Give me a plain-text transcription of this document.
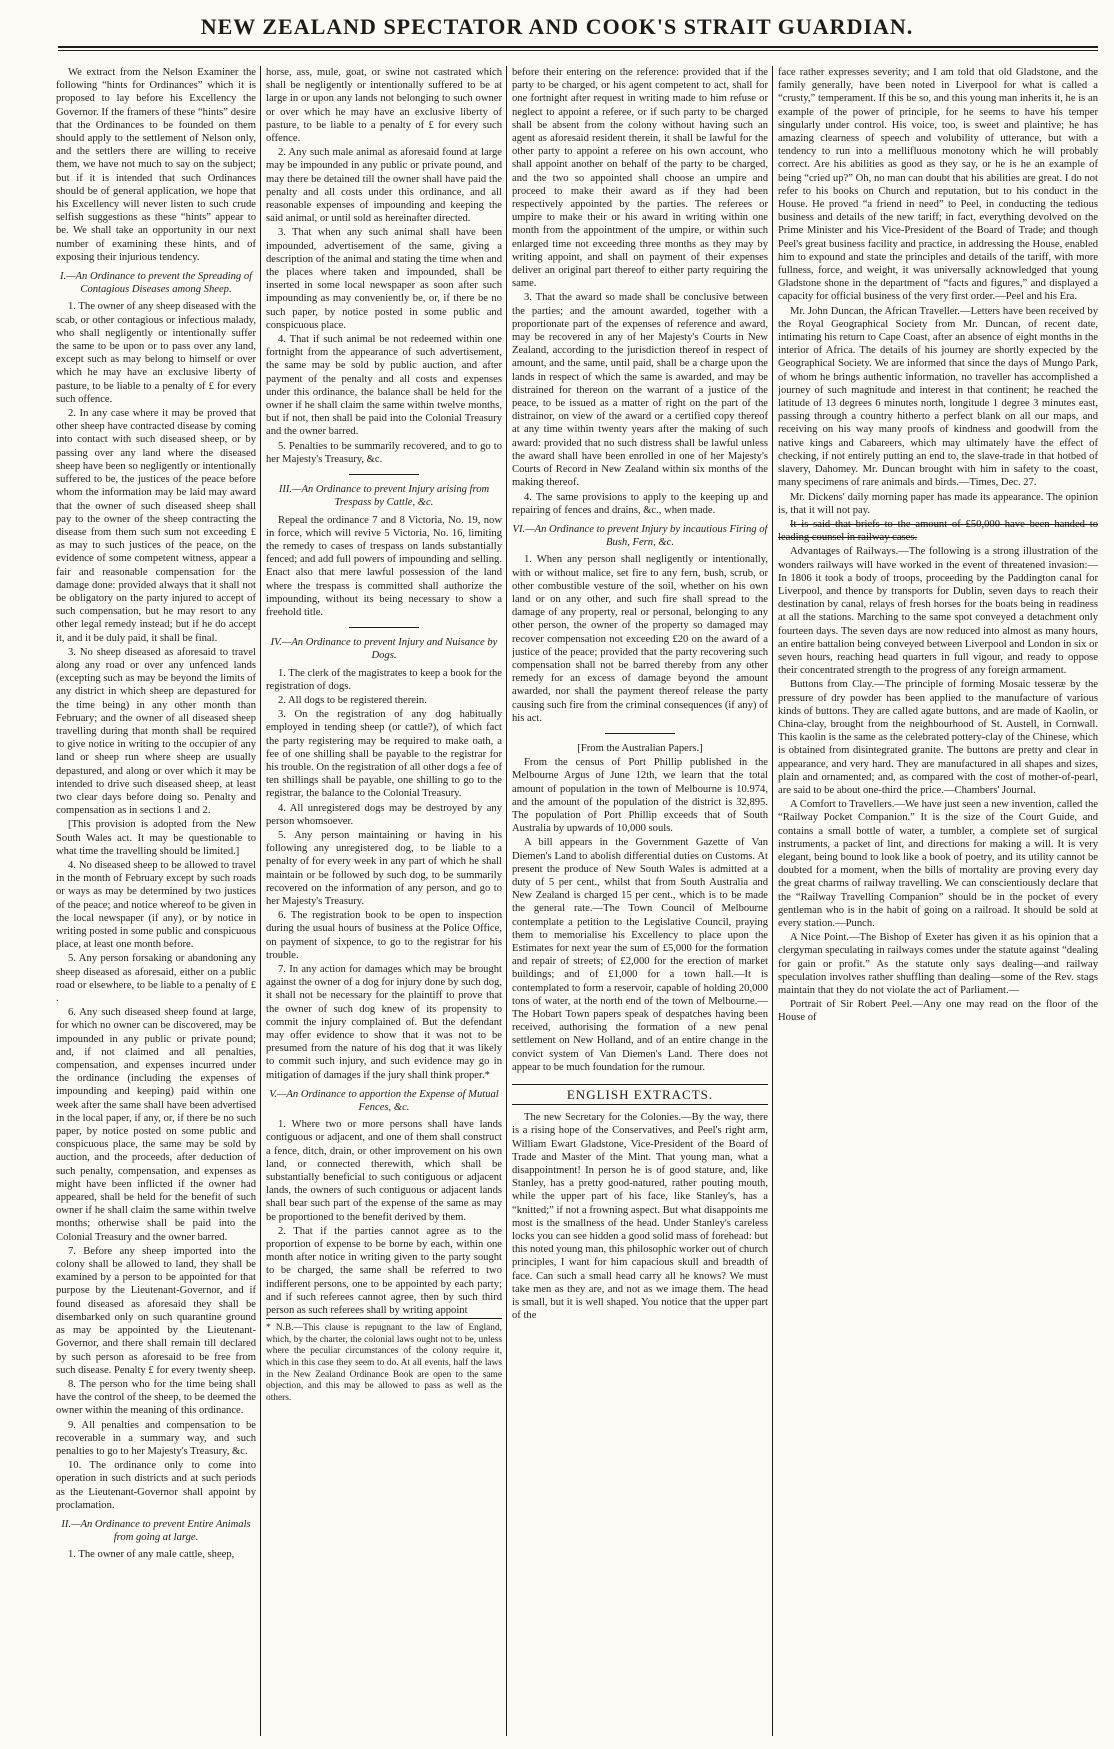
NEW ZEALAND SPECTATOR AND COOK'S STRAIT GUARDIAN.

We extract from the Nelson Examiner the following “hints for Ordinances” which it is proposed to lay before his Excellency the Governor. If the framers of these “hints” desire that the Ordinances to be founded on them should apply to the settlement of Nelson only, and the settlers there are willing to receive them, we have not much to say on the subject; but if it is intended that such Ordinances should be of general application, we hope that his Excellency will never listen to such crude selfish suggestions as these “hints” appear to be. We shall take an opportunity in our next number of examining these hints, and of exposing their injurious tendency.

I.—An Ordinance to prevent the Spreading of Contagious Diseases among Sheep.

1. The owner of any sheep diseased with the scab, or other contagious or infectious malady, who shall negligently or intentionally suffer the same to be upon or to pass over any land, except such as may belong to himself or over which he may have an exclusive liberty of pasture, to be liable to a penalty of £ for every such offence.

2. In any case where it may be proved that other sheep have contracted disease by coming into contact with such diseased sheep, or by passing over any land where the diseased sheep have been so negligently or intentionally suffered to be, the justices of the peace before whom the information may be laid may award that the owner of such diseased sheep shall pay to the owner of the sheep contracting the disease from them such sum not exceeding £ as may to such justices of the peace, on the evidence of some competent witness, appear a fair and reasonable compensation for the damage done: provided always that it shall not be obligatory on the party injured to accept of such compensation, but he may resort to any other legal remedy instead; but if he do accept it, and it be duly paid, it shall be final.

3. No sheep diseased as aforesaid to travel along any road or over any unfenced lands (excepting such as may be beyond the limits of any district in which sheep are depastured for the time being) in any other month than February; and the owner of all diseased sheep travelling during that month shall be required to give notice in writing to the occupier of any land or sheep run where sheep are usually depastured, and along or over which it may be intended to drive such diseased sheep, at least two clear days before doing so. Penalty and compensation as in sections 1 and 2.

[This provision is adopted from the New South Wales act. It may be questionable to what time the travelling should be limited.]

4. No diseased sheep to be allowed to travel in the month of February except by such roads or ways as may be determined by two justices of the peace; and notice whereof to be given in the local newspaper (if any), or by notice in writing posted in some public and conspicuous place, at least one month before.

5. Any person forsaking or abandoning any sheep diseased as aforesaid, either on a public road or elsewhere, to be liable to a penalty of £ .

6. Any such diseased sheep found at large, for which no owner can be discovered, may be impounded in any public or private pound; and, if not claimed and all penalties, compensation, and expenses incurred under the ordinance (including the expenses of impounding and keeping) paid within one week after the same shall have been advertised in the local paper, if any, or, if there be no such paper, by notice posted on some public and conspicuous place, the same may be sold by auction, and the proceeds, after deduction of such penalty, compensation, and expenses as might have been inflicted if the owner had appeared, shall be held for the benefit of such owner if he shall claim the same within twelve months; otherwise shall be paid into the Colonial Treasury and the owner barred.

7. Before any sheep imported into the colony shall be allowed to land, they shall be examined by a person to be appointed for that purpose by the Lieutenant-Governor, and if found diseased as aforesaid they shall be disembarked only on such quarantine ground as may be appointed by the Lieutenant-Governor, and there shall remain till declared by such person as aforesaid to be free from such disease. Penalty £ for every twenty sheep.

8. The person who for the time being shall have the control of the sheep, to be deemed the owner within the meaning of this ordinance.

9. All penalties and compensation to be recoverable in a summary way, and such penalties to go to her Majesty's Treasury, &c.

10. The ordinance only to come into operation in such districts and at such periods as the Lieutenant-Governor shall appoint by proclamation.

II.—An Ordinance to prevent Entire Animals from going at large.

1. The owner of any male cattle, sheep,

horse, ass, mule, goat, or swine not castrated which shall be negligently or intentionally suffered to be at large in or upon any lands not belonging to such owner or over which he may have an exclusive liberty of pasture, to be liable to a penalty of £ for every such offence.

2. Any such male animal as aforesaid found at large may be impounded in any public or private pound, and may there be detained till the owner shall have paid the penalty and all costs under this ordinance, and all reasonable expenses of impounding and keeping the said animal, or until sold as hereinafter directed.

3. That when any such animal shall have been impounded, advertisement of the same, giving a description of the animal and stating the time when and the places where taken and impounded, shall be inserted in some local newspaper as soon after such impounding as may conveniently be, or, if there be no such paper, by notice posted in some public and conspicuous place.

4. That if such animal be not redeemed within one fortnight from the appearance of such advertisement, the same may be sold by public auction, and after payment of the penalty and all costs and expenses under this ordinance, the balance shall be held for the owner if he shall claim the same within twelve months, but if not, then shall be paid into the Colonial Treasury and the owner barred.

5. Penalties to be summarily recovered, and to go to her Majesty's Treasury, &c.

III.—An Ordinance to prevent Injury arising from Trespass by Cattle, &c.

Repeal the ordinance 7 and 8 Victoria, No. 19, now in force, which will revive 5 Victoria, No. 16, limiting the remedy to cases of trespass on lands substantially fenced; and add full powers of impounding and selling. Enact also that mere lawful possession of the land where the trespass is committed shall authorize the impounding, without its being necessary to show a freehold title.

IV.—An Ordinance to prevent Injury and Nuisance by Dogs.

1. The clerk of the magistrates to keep a book for the registration of dogs.

2. All dogs to be registered therein.

3. On the registration of any dog habitually employed in tending sheep (or cattle?), of which fact the party registering may be required to make oath, a fee of one shilling shall be payable to the registrar for his trouble. On the registration of all other dogs a fee of ten shillings shall be payable, one shilling to go to the registrar, the balance to the Colonial Treasury.

4. All unregistered dogs may be destroyed by any person whomsoever.

5. Any person maintaining or having in his following any unregistered dog, to be liable to a penalty of for every week in any part of which he shall maintain or be followed by such dog, to be summarily recovered on the information of any person, and go to her Majesty's Treasury.

6. The registration book to be open to inspection during the usual hours of business at the Police Office, on payment of sixpence, to go to the registrar for his trouble.

7. In any action for damages which may be brought against the owner of a dog for injury done by such dog, it shall not be necessary for the plaintiff to prove that the owner of such dog knew of its propensity to commit the injury complained of. But the defendant may offer evidence to show that it was not to be presumed from the nature of his dog that it was likely to commit such injury, and such evidence may go in mitigation of damages if the jury shall think proper.*

V.—An Ordinance to apportion the Expense of Mutual Fences, &c.

1. Where two or more persons shall have lands contiguous or adjacent, and one of them shall construct a fence, ditch, drain, or other improvement on his own land, or connected therewith, which shall be substantially beneficial to such contiguous or adjacent lands, the owners of such contiguous or adjacent lands shall bear such part of the expense of the same as may be proportioned to the benefit derived by them.

2. That if the parties cannot agree as to the proportion of expense to be borne by each, within one month after notice in writing given to the party sought to be charged, the same shall be referred to two indifferent persons, one to be appointed by each party; and if such referees cannot agree, then by such third person as such referees shall by writing appoint

* N.B.—This clause is repugnant to the law of England, which, by the charter, the colonial laws ought not to be, unless where the peculiar circumstances of the colony require it, which in this case they seem to do. At all events, half the laws in the New Zealand Ordinance Book are open to the same objection, and this may be allowed to pass as well as the others.

before their entering on the reference: provided that if the party to be charged, or his agent competent to act, shall for one fortnight after request in writing made to him refuse or neglect to appoint a referee, or if such party to be charged shall be absent from the colony without having such an agent as aforesaid resident therein, it shall be lawful for the other party to appoint a referee on his own account, who shall appoint another on behalf of the party to be charged, and the two so appointed shall choose an umpire and proceed to make their award as if they had been respectively appointed by the parties. The referees or umpire to make their or his award in writing within one month from the appointment of the umpire, or within such enlarged time not exceeding three months as they may by writing appoint, and shall on payment of their expenses deliver an original part thereof to either party requiring the same.

3. That the award so made shall be conclusive between the parties; and the amount awarded, together with a proportionate part of the expenses of reference and award, may be recovered in any of her Majesty's Courts in New Zealand, according to the jurisdiction thereof in respect of amount, and the same, until paid, shall be a charge upon the lands in respect of which the same is awarded, and may be distrained for thereon on the warrant of a justice of the peace, to be issued as a matter of right on the part of the distrainor, on view of the award or a certified copy thereof at any time within twenty years after the making of such award: provided that no such distress shall be lawful unless the award shall have been enrolled in one of her Majesty's Courts of Record in New Zealand within six months of the making thereof.

4. The same provisions to apply to the keeping up and repairing of fences and drains, &c., when made.

VI.—An Ordinance to prevent Injury by incautious Firing of Bush, Fern, &c.

1. When any person shall negligently or intentionally, with or without malice, set fire to any fern, bush, scrub, or other combustible vesture of the soil, whether on his own land or on any other, and such fire shall spread to the damage of any property, real or personal, belonging to any other person, the owner of the property so damaged may recover compensation not exceeding £20 on the award of a justice of the peace; provided that the party recovering such compensation shall not be barred thereby from any other remedy for an excess of damage beyond the amount awarded, nor shall the payment thereof release the party causing such fire from the criminal consequences (if any) of his act.

[From the Australian Papers.]

From the census of Port Phillip published in the Melbourne Argus of June 12th, we learn that the total amount of population in the town of Melbourne is 10.974, and the amount of the population of the district is 32,895. The population of Port Phillip exceeds that of South Australia by upwards of 10,000 souls.

A bill appears in the Government Gazette of Van Diemen's Land to abolish differential duties on Customs. At present the produce of New South Wales is admitted at a duty of 5 per cent., whilst that from South Australia and New Zealand is charged 15 per cent., which is to be made the general rate.—The Town Council of Melbourne contemplate a petition to the Legislative Council, praying them to memorialise his Excellency to place upon the Estimates for next year the sum of £5,000 for the formation and repair of streets; of £2,000 for the erection of market buildings; and of £1,000 for a town hall.—It is contemplated to form a reservoir, capable of holding 20,000 tons of water, at the north end of the town of Melbourne.—The Hobart Town papers speak of despatches having been received, authorising the formation of a new penal settlement on New Holland, and of an entire change in the convict system of Van Diemen's Land. There does not appear to be much foundation for the rumour.

ENGLISH EXTRACTS.

The new Secretary for the Colonies.—By the way, there is a rising hope of the Conservatives, and Peel's right arm, William Ewart Gladstone, Vice-President of the Board of Trade and Master of the Mint. That young man, what a disappointment! In person he is of good stature, and, like Stanley, has a pretty good-natured, rather pouting mouth, while the upper part of his face, like Stanley's, has a “knitted;” if not a frowning aspect. But what disappoints me most is the smallness of the head. Under Stanley's careless locks you can see hidden a good solid mass of forehead: but this noted young man, this philosophic worker out of church principles, I want for him capacious skull and breadth of face. Can such a small head carry all he knows? We must take men as they are, and not as we image them. The head is small, but it is well shaped. You notice that the upper part of the

face rather expresses severity; and I am told that old Gladstone, and the family generally, have been noted in Liverpool for what is called a “crusty,” temperament. If this be so, and this young man inherits it, he is an example of the power of principle, for he seems to have his temper singularly under control. His voice, too, is sweet and plaintive; he has amazing clearness of speech and volubility of utterance, but with a tendency to run into a mellifluous monotony which he will probably correct. Are his abilities as good as they say, or he is he an example of being “cried up?” Oh, no man can doubt that his abilities are great. I do not refer to his books on Church and reputation, but to his conduct in the House. He proved “a friend in need” to Peel, in conducting the tedious business and details of the new tariff; in fact, everything devolved on the Prime Minister and his Vice-President of the Board of Trade; and though Peel's great business facility and practice, in addressing the House, enabled him to expound and state the principles and details of the tariff, with more fullness, force, and weight, it was universally acknowledged that young Gladstone shone in the department of “facts and figures,” and displayed a capacity for official business of the very first order.—Peel and his Era.

Mr. John Duncan, the African Traveller.—Letters have been received by the Royal Geographical Society from Mr. Duncan, of recent date, intimating his return to Cape Coast, after an absence of eight months in the interior of Africa. The details of his journey are shortly expected by the Geographical Society. We are informed that since the days of Mungo Park, of whom he brings authentic information, no traveller has accomplished a journey of such magnitude and interest in that continent; he reached the latitude of 13 degrees 6 minutes north, longitude 1 degree 3 minutes east, passing through a country hitherto a perfect blank on all our maps, and receiving on his way many proofs of kindness and goodwill from the native kings and Cabareers, which may ultimately have the effect of checking, if not entirely putting an end to, the slave-trade in that hotbed of slavery, Dahomey. Mr. Duncan brought with him in safety to the coast, many specimens of rare animals and birds.—Times, Dec. 27.

Mr. Dickens' daily morning paper has made its appearance. The opinion is, that it will not pay.

It is said that briefs to the amount of £50,000 have been handed to leading counsel in railway cases.

Advantages of Railways.—The following is a strong illustration of the wonders railways will have worked in the event of threatened invasion:—In 1806 it took a body of troops, proceeding by the Paddington canal for Liverpool, and thence by transports for Dublin, seven days to reach their destination by canal, relays of fresh horses for the boats being in readiness at all the stations. Marching to the same spot conveyed a detachment only fourteen days. The seven days are now reduced into almost as many hours, an entire battalion being conveyed between Liverpool and London in six or seven hours, reaching head quarters in full vigour, and ready to oppose their concentrated strength to the progress of any foreign armament.

Buttons from Clay.—The principle of forming Mosaic tesseræ by the pressure of dry powder has been applied to the manufacture of various kinds of buttons. They are called agate buttons, and are made of Kaolin, or China-clay, brought from the neighbourhood of St. Austell, in Cornwall. This kaolin is the same as the celebrated pottery-clay of the Chinese, which is obtained from disintegrated granite. The buttons are pretty and clear in appearance, and very hard. They are manufactured in all shapes and sizes, plain and ornamented; and, as compared with the cost of mother-of-pearl, are said to be about one-third the price.—Chambers' Journal.

A Comfort to Travellers.—We have just seen a new invention, called the “Railway Pocket Companion.” It is the size of the Court Guide, and contains a small bottle of water, a tumbler, a complete set of surgical instruments, a packet of lint, and directions for making a will. It is very elegant, being bound to look like a book of poetry, and its utility cannot be doubted for a moment, when the bills of mortality are proving every day the great charms of railway travelling. We can conscientiously declare that the “Railway Travelling Companion” should be in the pocket of every gentleman who is in the habit of going on a railroad. It should be sold at every station.—Punch.

A Nice Point.—The Bishop of Exeter has given it as his opinion that a clergyman speculating in railways comes under the statute against “dealing for gain or profit.” As the statute only says dealing—and railway speculation involves rather shuffling than dealing—some of the Rev. stags maintain that they do not violate the act of Parliament.—

Portrait of Sir Robert Peel.—Any one may read on the floor of the House of
